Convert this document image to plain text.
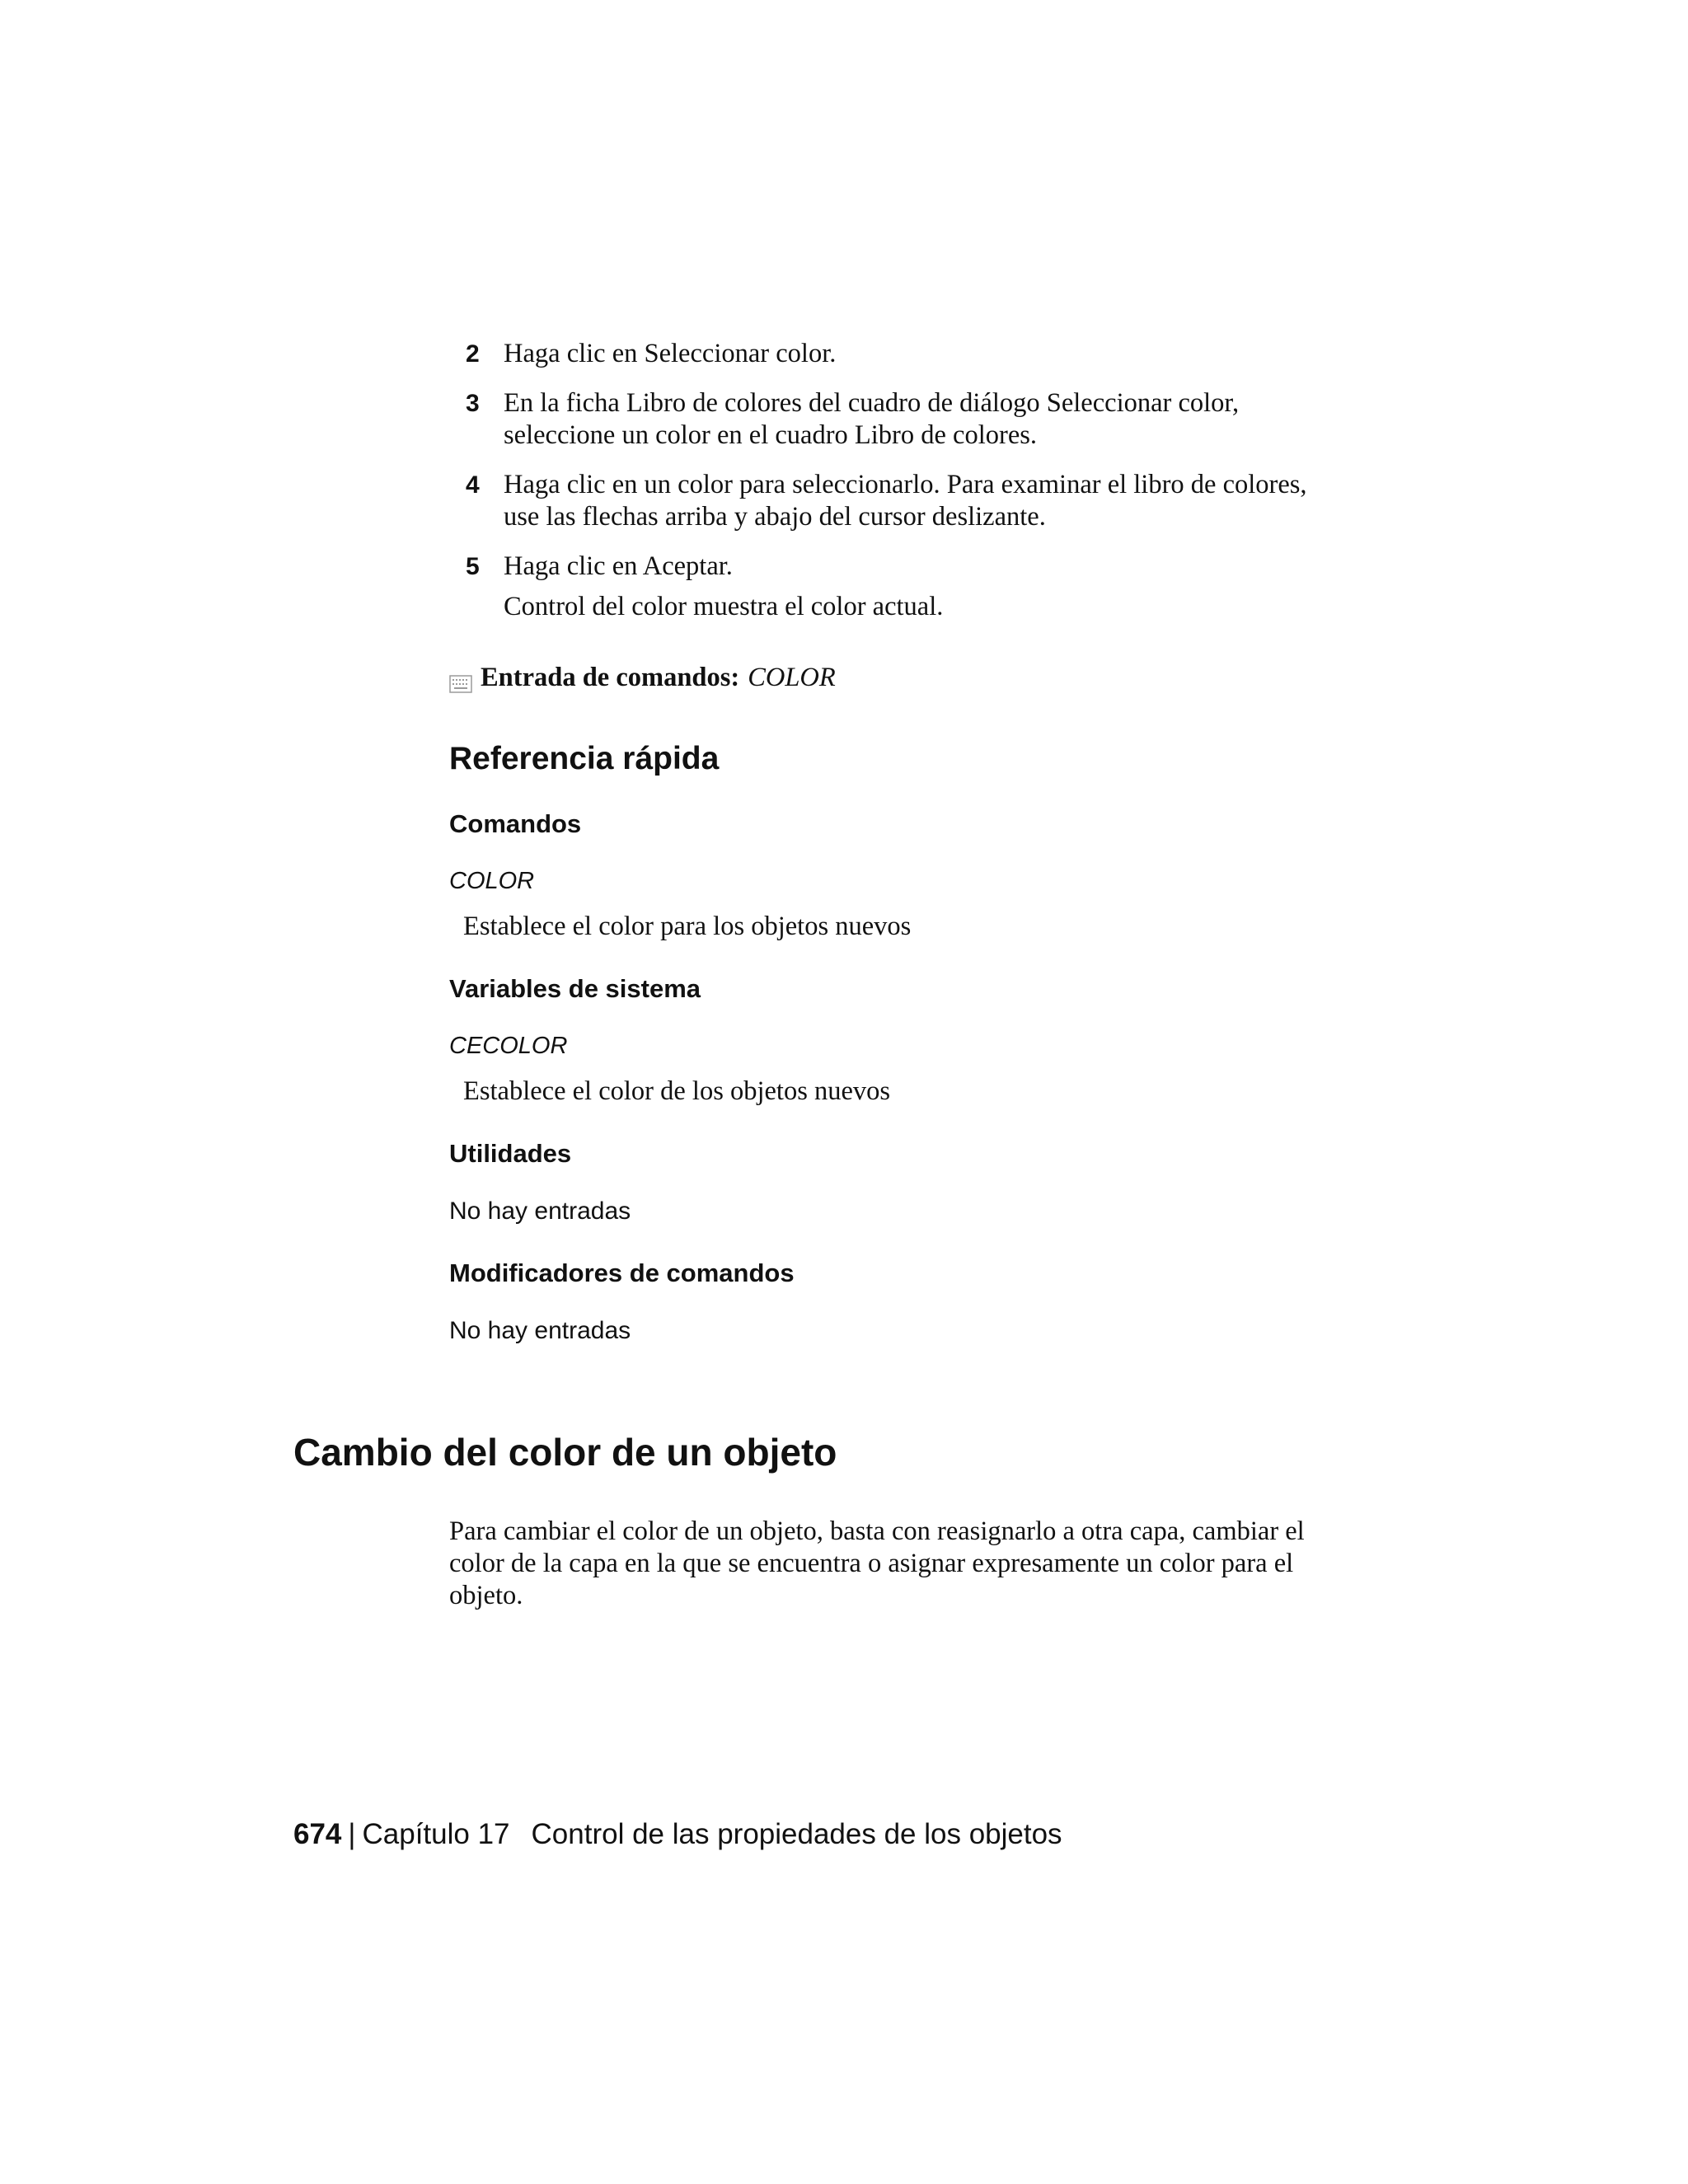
2 Haga clic en Seleccionar color.
3 En la ficha Libro de colores del cuadro de diálogo Seleccionar color, seleccione un color en el cuadro Libro de colores.
4 Haga clic en un color para seleccionarlo. Para examinar el libro de colores, use las flechas arriba y abajo del cursor deslizante.
5 Haga clic en Aceptar.
Control del color muestra el color actual.
Entrada de comandos: COLOR
Referencia rápida
Comandos
COLOR
Establece el color para los objetos nuevos
Variables de sistema
CECOLOR
Establece el color de los objetos nuevos
Utilidades
No hay entradas
Modificadores de comandos
No hay entradas
Cambio del color de un objeto
Para cambiar el color de un objeto, basta con reasignarlo a otra capa, cambiar el color de la capa en la que se encuentra o asignar expresamente un color para el objeto.
674 | Capítulo 17 Control de las propiedades de los objetos
